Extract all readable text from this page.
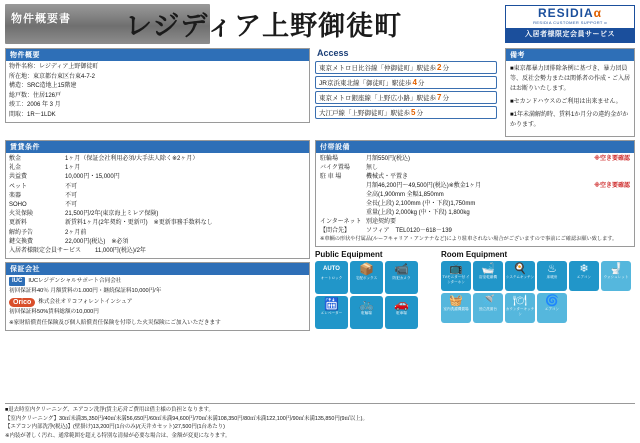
物件概要書 レジディア上野御徒町	RESIDIAα
RESIDIA CUSTOMER SUPPORT α
入居者様限定会員サービス
物件概要
物件名称：レジディア上野御徒町
所在地：東京都台東区台東4-7-2
構造：SRC造地上15階建
総戸数：住居126戸
竣工：2006 年 3 月
間取：1R～1LDK
Access
東京メトロ日比谷線「仲御徒町」駅徒歩 2 分
JR京浜東北線「御徒町」駅徒歩 4 分
東京メトロ銀座線「上野広小路」駅徒歩 7 分
大江戸線「上野御徒町」駅徒歩 5 分
備考
■東京都暴力団排除条例に基づき、暴力団員等、反社会勢力または関係者の作成・ご入居はお断りいたします。
■セカンドハウスのご利用は出来ません。
■1年未満解約時、賃料1か月分の違約金がかかります。
賃貸条件
敷金	1ヶ月（保証会社利用必須/大手法人除く※2ヶ月）
礼金	1ヶ月
共益費	10,000円・15,000円
ペット	不可
楽器	不可
SOHO	不可
火災保険	21,500円/2年(東京海上ミレア保険)
更新料	新賃料1ヶ月(2年契約・更新可)　※更新事務手数料なし
解約予告	2ヶ月前
鍵交換費	22,000円(税込)　※必須
入居者様限定会員サービス	11,000円(税込)/2年
保証会社
IUC	IUCレジデンシャルサポート合同会社
初回保証料40％ 月額賃料の1.000円・継続保証料10,000円/年
Orico	株式会社オリコフォレントインシュア
初回保証料50%賃料総額の10,000円
※家財賠償責任保険及び個人賠償責任保険を付帯した火災保険にご加入いただきます
付帯設備
駐輪場	月額550円(税込)	※空き要確認
バイク置場	無し
駐 車 場	機械式・平置き
月額46,200円～49,500円(税込)※敷金1ヶ月	※空き要確認
全高(1,900mm 全幅1,850mm
全長(上段) 2,100mm (中・下段)1,750mm
重量(上段) 2,000kg (中・下段) 1,800kg
インターネット 別途契約要
【問合先】	ソフィア　TEL0120－618－139
※車輌の形状や付属品(ルーフキャリア・アンテナなど)により駐車されない場合がございますので事前にご確認お願い致します。
Public Equipment
AUTO
オートロック
📦
宅配ボックス
📹
防犯カメラ
🛗
エレベーター
🚲
駐輪場
🚗
駐車場
Room Equipment
📺
TVモニター付 インターホン
🛁
浴室乾燥機
🍳
システムキッチン
♨
床暖房
❄
エアコン
🚽
ウォシュレット
🧺
室内洗濯機置場
🚿
独立洗面台
🍽
カウンターキッチン
🌀
エアコン
■退去時室内クリーニング、エアコン洗浄(賃主応営ご費用は借主様の負担となります。
【室内クリーニング】30㎡未満35,350円/40㎡未満56,650円/60㎡未満94,600円/70㎡未満108,350円/80㎡未満122,100円/90㎡未満135,850円(9㎡以上)。
【エアコン内部洗浄(税込)】(壁掛け)13,200円(1台のみ)/(天井カセット)27,500円(1台あたり)
※内装が著しく汚れ、通常範囲を超える特別な清掃が必要な場合は、金額が変更になります。
